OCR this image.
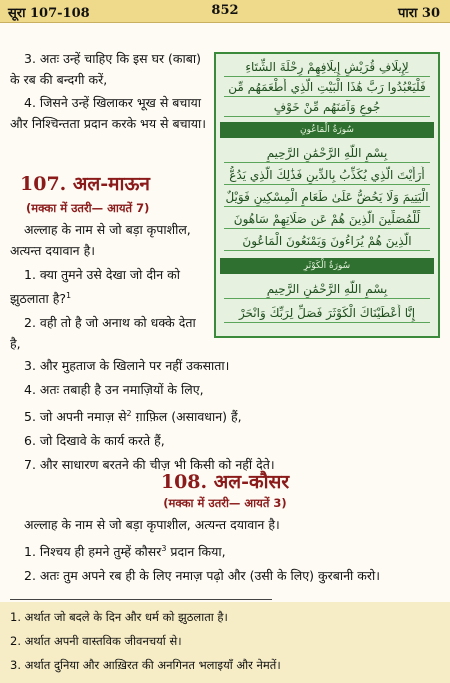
सूरा 107-108	852	पारा 30

3. अतः उन्हें चाहिए कि इस घर (काबा) के रब की बन्दगी करें,

4. जिसने उन्हें खिलाकर भूख से बचाया और निश्चिन्तता प्रदान करके भय से बचाया।

107. अल-माऊन
(मक्का में उतरी— आयतें 7)

अल्लाह के नाम से जो बड़ा कृपाशील, अत्यन्त दयावान है।

1. क्या तुमने उसे देखा जो दीन को झुठलाता है?$^1$

2. वही तो है जो अनाथ को धक्के देता है,

3. और मुहताज के खिलाने पर नहीं उकसाता।

4. अतः तबाही है उन नमाज़ियों के लिए,

5. जो अपनी नमाज़ से$^2$ ग़ाफ़िल (असावधान) हैं,

6. जो दिखावे के कार्य करते हैं,

7. और साधारण बरतने की चीज़ भी किसी को नहीं देते।

108. अल-कौसर
(मक्का में उतरी— आयतें 3)

अल्लाह के नाम से जो बड़ा कृपाशील, अत्यन्त दयावान है।

1. निश्चय ही हमने तुम्हें कौसर$^3$ प्रदान किया,

2. अतः तुम अपने रब ही के लिए नमाज़ पढ़ो और (उसी के लिए) कुरबानी करो।

لِإِيلَافِ قُرَيْشٍ إِيلَافِهِمْ رِحْلَةَ الشِّتَاءِ
فَلْيَعْبُدُوا رَبَّ هَٰذَا الْبَيْتِ الَّذِي أَطْعَمَهُم مِّن
جُوعٍ وَآمَنَهُم مِّنْ خَوْفٍ
سُورَةُ الْمَاعُونِ
بِسْمِ اللَّهِ الرَّحْمَٰنِ الرَّحِيمِ
أَرَأَيْتَ الَّذِي يُكَذِّبُ بِالدِّينِ فَذَٰلِكَ الَّذِي يَدُعُّ
الْيَتِيمَ وَلَا يَحُضُّ عَلَىٰ طَعَامِ الْمِسْكِينِ فَوَيْلٌ
لِّلْمُصَلِّينَ الَّذِينَ هُمْ عَن صَلَاتِهِمْ سَاهُونَ
الَّذِينَ هُمْ يُرَاءُونَ وَيَمْنَعُونَ الْمَاعُونَ
سُورَةُ الْكَوْثَرِ
بِسْمِ اللَّهِ الرَّحْمَٰنِ الرَّحِيمِ
إِنَّا أَعْطَيْنَاكَ الْكَوْثَرَ فَصَلِّ لِرَبِّكَ وَانْحَرْ

1. अर्थात जो बदले के दिन और धर्म को झुठलाता है।

2. अर्थात अपनी वास्तविक जीवनचर्या से।

3. अर्थात दुनिया और आख़िरत की अनगिनत भलाइयाँ और नेमतें।
